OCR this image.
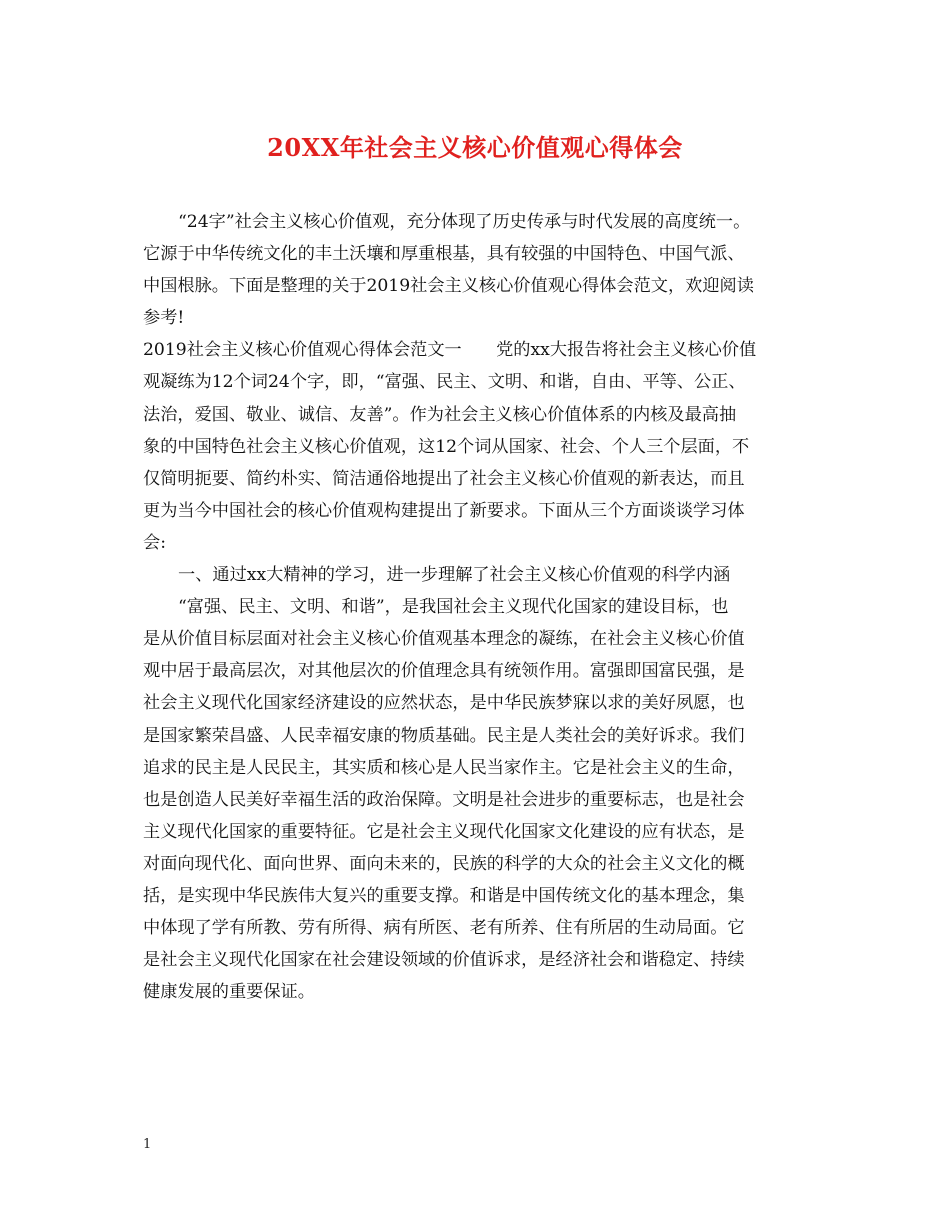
20XX年社会主义核心价值观心得体会
“24字”社会主义核心价值观，充分体现了历史传承与时代发展的高度统一。
它源于中华传统文化的丰土沃壤和厚重根基，具有较强的中国特色、中国气派、
中国根脉。下面是整理的关于2019社会主义核心价值观心得体会范文，欢迎阅读
参考!
2019社会主义核心价值观心得体会范文一　　党的xx大报告将社会主义核心价值
观凝练为12个词24个字，即，“富强、民主、文明、和谐，自由、平等、公正、
法治，爱国、敬业、诚信、友善”。作为社会主义核心价值体系的内核及最高抽
象的中国特色社会主义核心价值观，这12个词从国家、社会、个人三个层面，不
仅简明扼要、简约朴实、简洁通俗地提出了社会主义核心价值观的新表达，而且
更为当今中国社会的核心价值观构建提出了新要求。下面从三个方面谈谈学习体
会:
一、通过xx大精神的学习，进一步理解了社会主义核心价值观的科学内涵
“富强、民主、文明、和谐”，是我国社会主义现代化国家的建设目标，也
是从价值目标层面对社会主义核心价值观基本理念的凝练，在社会主义核心价值
观中居于最高层次，对其他层次的价值理念具有统领作用。富强即国富民强，是
社会主义现代化国家经济建设的应然状态，是中华民族梦寐以求的美好夙愿，也
是国家繁荣昌盛、人民幸福安康的物质基础。民主是人类社会的美好诉求。我们
追求的民主是人民民主，其实质和核心是人民当家作主。它是社会主义的生命，
也是创造人民美好幸福生活的政治保障。文明是社会进步的重要标志，也是社会
主义现代化国家的重要特征。它是社会主义现代化国家文化建设的应有状态，是
对面向现代化、面向世界、面向未来的，民族的科学的大众的社会主义文化的概
括，是实现中华民族伟大复兴的重要支撑。和谐是中国传统文化的基本理念，集
中体现了学有所教、劳有所得、病有所医、老有所养、住有所居的生动局面。它
是社会主义现代化国家在社会建设领域的价值诉求，是经济社会和谐稳定、持续
健康发展的重要保证。
1
